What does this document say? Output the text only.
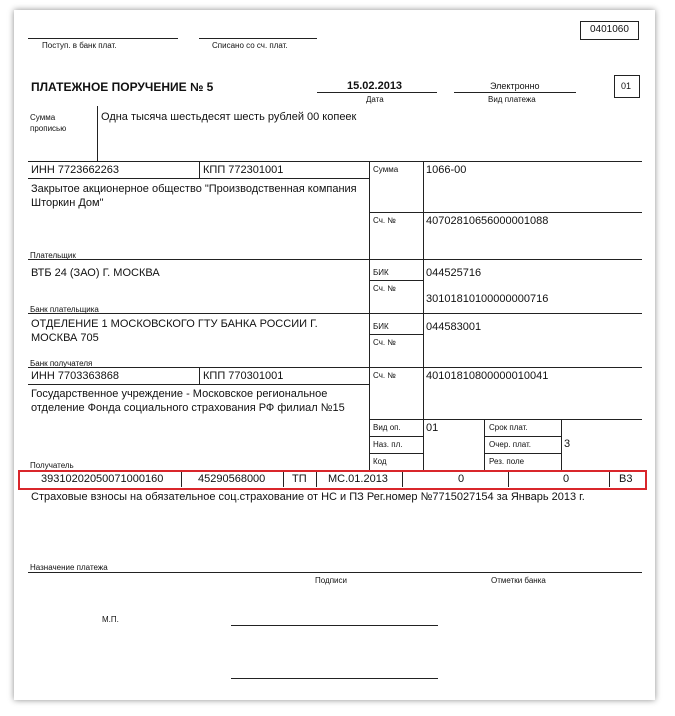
0401060
Поступ. в банк плат.	Списано со сч. плат.
ПЛАТЕЖНОЕ ПОРУЧЕНИЕ № 5	15.02.2013
Дата
Электронно
Вид платежа
01
Сумма
прописью
Одна тысяча шестьдесят шесть рублей 00 копеек
ИНН 7723662263	КПП 772301001
Закрытое акционерное общество "Производственная компания Шторкин Дом"
Плательщик
Сумма	1066-00
Сч. №	40702810656000001088
ВТБ 24 (ЗАО) Г. МОСКВА
Банк плательщика
БИК	044525716
Сч. №
30101810100000000716
ОТДЕЛЕНИЕ 1 МОСКОВСКОГО ГТУ БАНКА РОССИИ Г. МОСКВА 705
Банк получателя
БИК	044583001
Сч. №
ИНН 7703363868	КПП 770301001
Государственное учреждение - Московское региональное отделение Фонда социального страхования РФ филиал №15
Получатель
Сч. №	40101810800000010041
Вид оп. 01
Наз. пл.
Код
Срок плат.
Очер. плат.	3
Рез. поле
39310202050071000160	45290568000 ТП МС.01.2013	0	0	В3
Страховые взносы на обязательное соц.страхование от НС и ПЗ Рег.номер №7715027154 за Январь 2013 г.
Назначение платежа
Подписи	Отметки банка
М.П.
